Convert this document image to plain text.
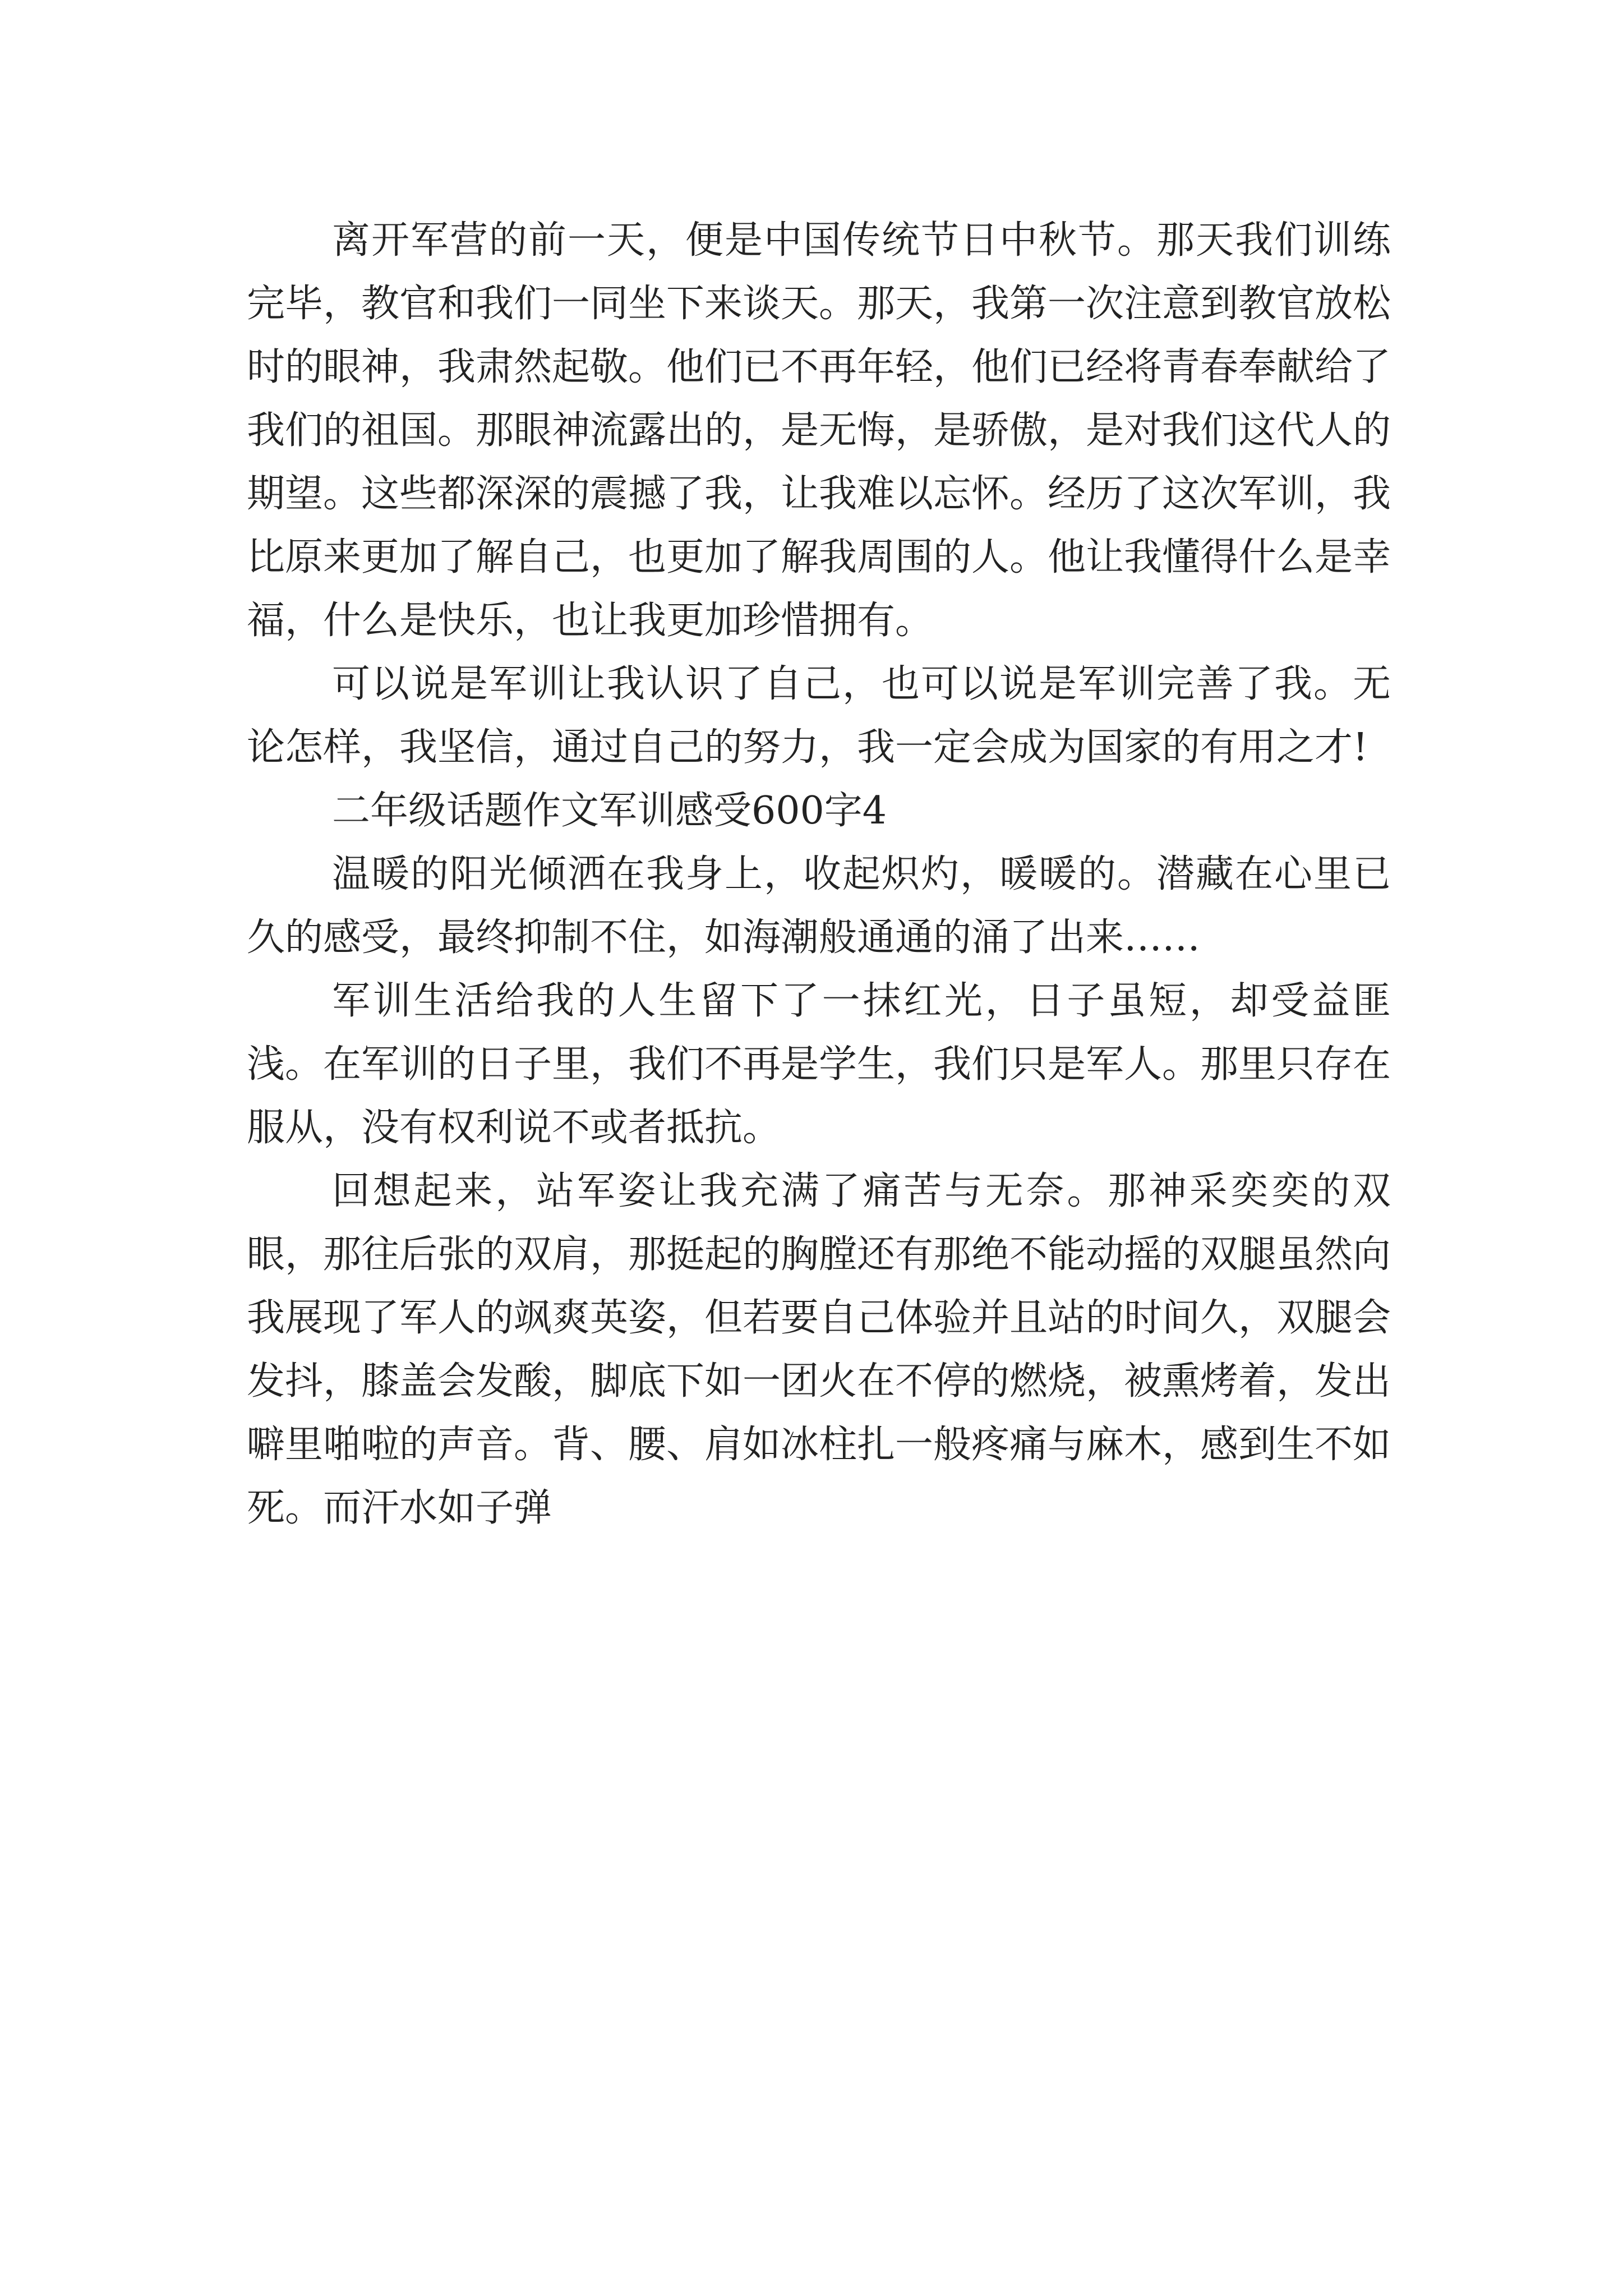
离开军营的前一天，便是中国传统节日中秋节。那天我们训练完毕，教官和我们一同坐下来谈天。那天，我第一次注意到教官放松时的眼神，我肃然起敬。他们已不再年轻，他们已经将青春奉献给了我们的祖国。那眼神流露出的，是无悔，是骄傲，是对我们这代人的期望。这些都深深的震撼了我，让我难以忘怀。经历了这次军训，我比原来更加了解自己，也更加了解我周围的人。他让我懂得什么是幸福，什么是快乐，也让我更加珍惜拥有。

可以说是军训让我认识了自己，也可以说是军训完善了我。无论怎样，我坚信，通过自己的努力，我一定会成为国家的有用之才!

二年级话题作文军训感受600字4

温暖的阳光倾洒在我身上，收起炽灼，暖暖的。潜藏在心里已久的感受，最终抑制不住，如海潮般通通的涌了出来……

军训生活给我的人生留下了一抹红光，日子虽短，却受益匪浅。在军训的日子里，我们不再是学生，我们只是军人。那里只存在服从，没有权利说不或者抵抗。

回想起来，站军姿让我充满了痛苦与无奈。那神采奕奕的双眼，那往后张的双肩，那挺起的胸膛还有那绝不能动摇的双腿虽然向我展现了军人的飒爽英姿，但若要自己体验并且站的时间久，双腿会发抖，膝盖会发酸，脚底下如一团火在不停的燃烧，被熏烤着，发出噼里啪啦的声音。背、腰、肩如冰柱扎一般疼痛与麻木，感到生不如死。而汗水如子弹
